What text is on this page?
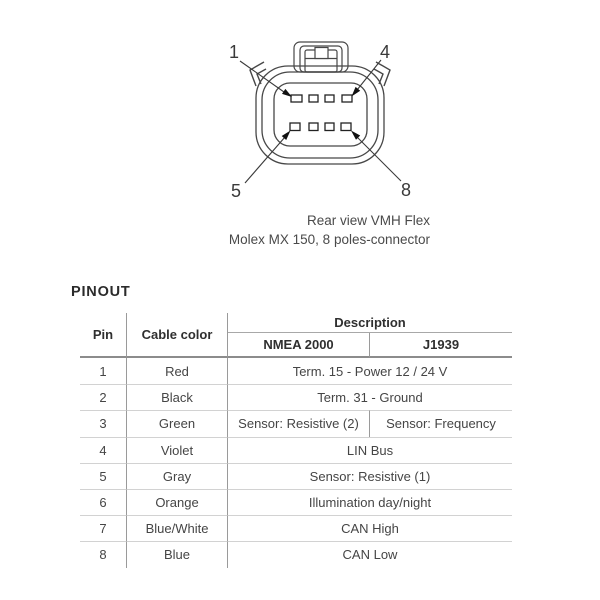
1	4
5	8
Rear view VMH Flex
Molex MX 150, 8 poles-connector
PINOUT
Pin	Cable color
Description
NMEA 2000	J1939
1	Red	Term. 15 - Power 12 / 24 V
2	Black	Term. 31 - Ground
3	Green	Sensor: Resistive (2)	Sensor: Frequency
4	Violet	LIN Bus
5	Gray	Sensor: Resistive (1)
6	Orange	Illumination day/night
7	Blue/White	CAN High
8	Blue	CAN Low
